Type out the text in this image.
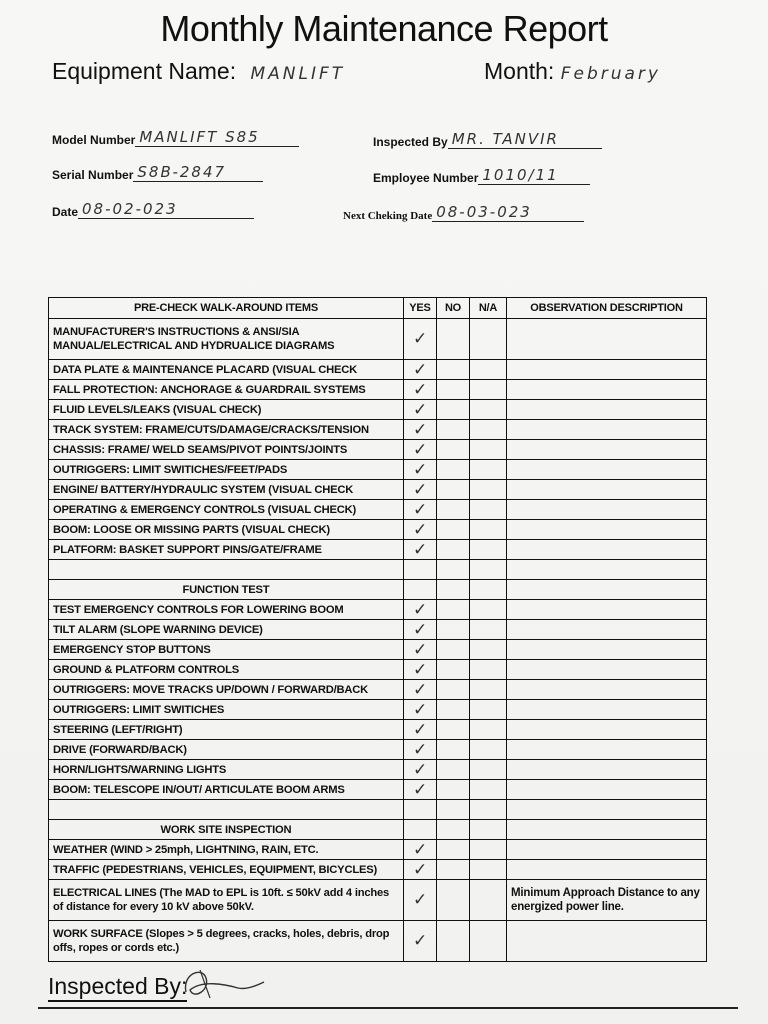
Monthly Maintenance Report
Equipment Name: MANLIFT	Month: February
Model Number MANLIFT S85
Serial Number S8B-2847
Date 08-02-023
Inspected By MR. TANVIR
Employee Number 1010/11
Next Cheking Date 08-03-023
PRE-CHECK WALK-AROUND ITEMS	YES	NO	N/A	OBSERVATION DESCRIPTION
MANUFACTURER'S INSTRUCTIONS & ANSI/SIA MANUAL/ELECTRICAL AND HYDRUALICE DIAGRAMS	✓			
DATA PLATE & MAINTENANCE PLACARD (VISUAL CHECK	✓			
FALL PROTECTION: ANCHORAGE & GUARDRAIL SYSTEMS	✓			
FLUID LEVELS/LEAKS (VISUAL CHECK)	✓			
TRACK SYSTEM: FRAME/CUTS/DAMAGE/CRACKS/TENSION	✓			
CHASSIS: FRAME/ WELD SEAMS/PIVOT POINTS/JOINTS	✓			
OUTRIGGERS: LIMIT SWITICHES/FEET/PADS	✓			
ENGINE/ BATTERY/HYDRAULIC SYSTEM (VISUAL CHECK	✓			
OPERATING & EMERGENCY CONTROLS (VISUAL CHECK)	✓			
BOOM: LOOSE OR MISSING PARTS (VISUAL CHECK)	✓			
PLATFORM: BASKET SUPPORT PINS/GATE/FRAME	✓			

FUNCTION TEST				
TEST EMERGENCY CONTROLS FOR LOWERING BOOM	✓			
TILT ALARM (SLOPE WARNING DEVICE)	✓			
EMERGENCY STOP BUTTONS	✓			
GROUND & PLATFORM CONTROLS	✓			
OUTRIGGERS: MOVE TRACKS UP/DOWN / FORWARD/BACK	✓			
OUTRIGGERS: LIMIT SWITICHES	✓			
STEERING (LEFT/RIGHT)	✓			
DRIVE (FORWARD/BACK)	✓			
HORN/LIGHTS/WARNING LIGHTS	✓			
BOOM: TELESCOPE IN/OUT/ ARTICULATE BOOM ARMS	✓			

WORK SITE INSPECTION				
WEATHER (WIND > 25mph, LIGHTNING, RAIN, ETC.	✓			
TRAFFIC (PEDESTRIANS, VEHICLES, EQUIPMENT, BICYCLES)	✓			
ELECTRICAL LINES (The MAD to EPL is 10ft. ≤ 50kV add 4 inches of distance for every 10 kV above 50kV.	✓			Minimum Approach Distance to any energized power line.
WORK SURFACE (Slopes > 5 degrees, cracks, holes, debris, drop offs, ropes or cords etc.)	✓			
Inspected By:
